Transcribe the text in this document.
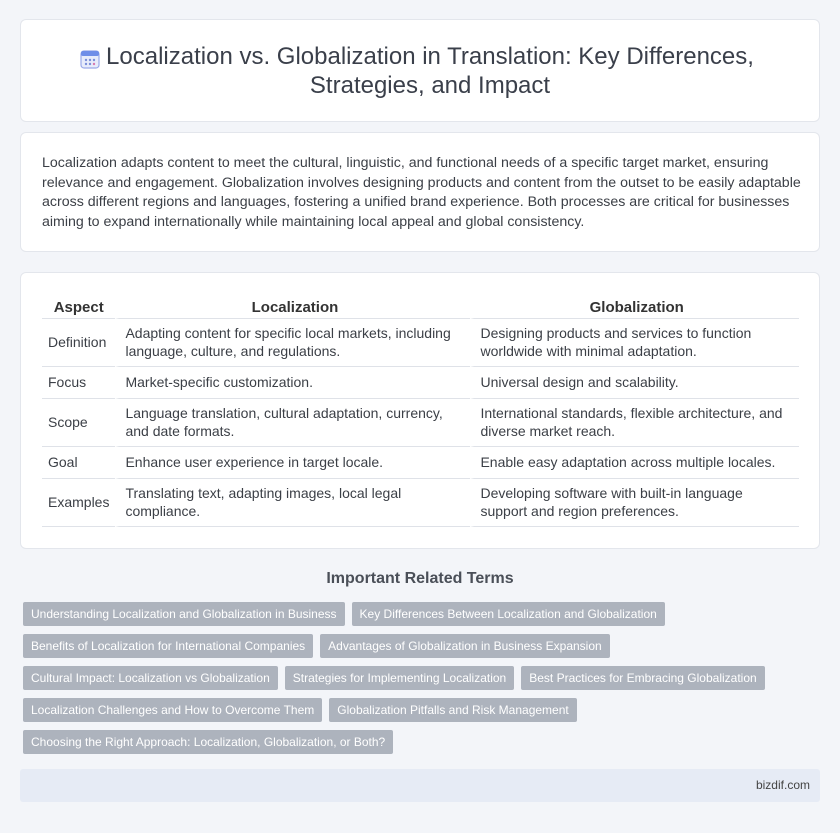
Localization vs. Globalization in Translation: Key Differences, Strategies, and Impact

Localization adapts content to meet the cultural, linguistic, and functional needs of a specific target market, ensuring relevance and engagement. Globalization involves designing products and content from the outset to be easily adaptable across different regions and languages, fostering a unified brand experience. Both processes are critical for businesses aiming to expand internationally while maintaining local appeal and global consistency.

Aspect	Localization	Globalization
Definition	Adapting content for specific local markets, including language, culture, and regulations.	Designing products and services to function worldwide with minimal adaptation.
Focus	Market-specific customization.	Universal design and scalability.
Scope	Language translation, cultural adaptation, currency, and date formats.	International standards, flexible architecture, and diverse market reach.
Goal	Enhance user experience in target locale.	Enable easy adaptation across multiple locales.
Examples	Translating text, adapting images, local legal compliance.	Developing software with built-in language support and region preferences.
Important Related Terms
Understanding Localization and Globalization in Business	Key Differences Between Localization and Globalization
Benefits of Localization for International Companies	Advantages of Globalization in Business Expansion
Cultural Impact: Localization vs Globalization	Strategies for Implementing Localization	Best Practices for Embracing Globalization
Localization Challenges and How to Overcome Them	Globalization Pitfalls and Risk Management
Choosing the Right Approach: Localization, Globalization, or Both?
bizdif.com
